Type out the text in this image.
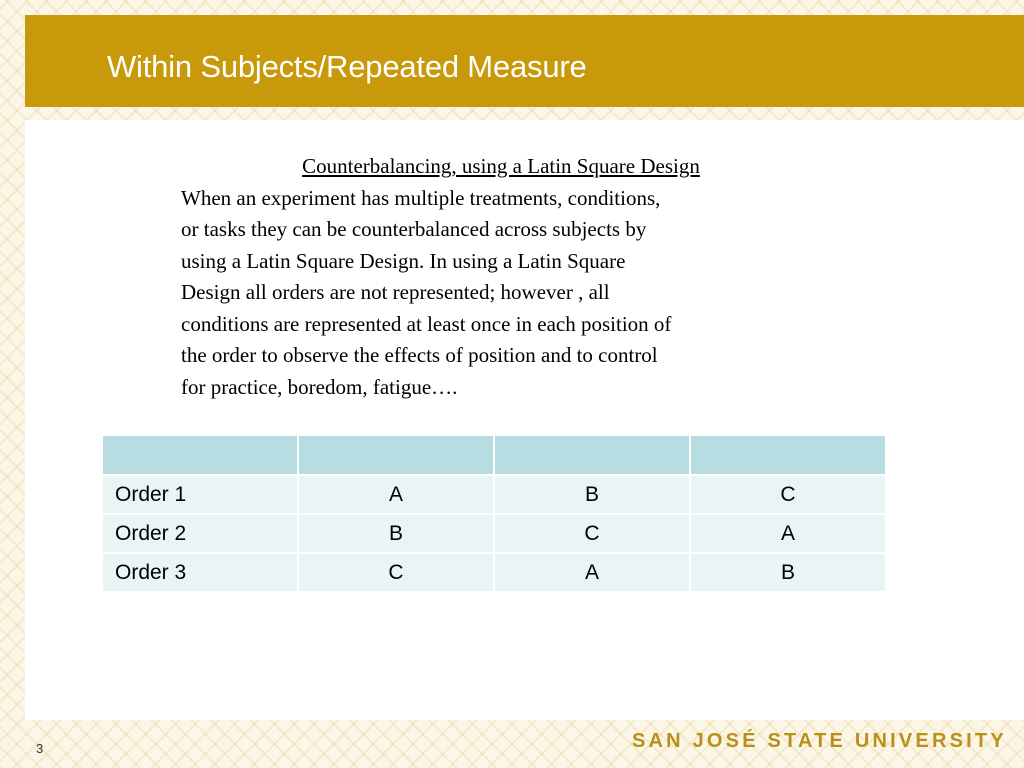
Within Subjects/Repeated Measure
Counterbalancing, using a Latin Square Design

When an experiment has multiple treatments, conditions,
or tasks they can be counterbalanced across subjects by
using a Latin Square Design. In using a Latin Square
Design all orders are not represented; however , all
conditions are represented at least once in each position of
the order to observe the effects of position and to control
for practice, boredom, fatigue….

Order 1	A	B	C
Order 2	B	C	A
Order 3	C	A	B
3	SAN JOSÉ STATE UNIVERSITY
